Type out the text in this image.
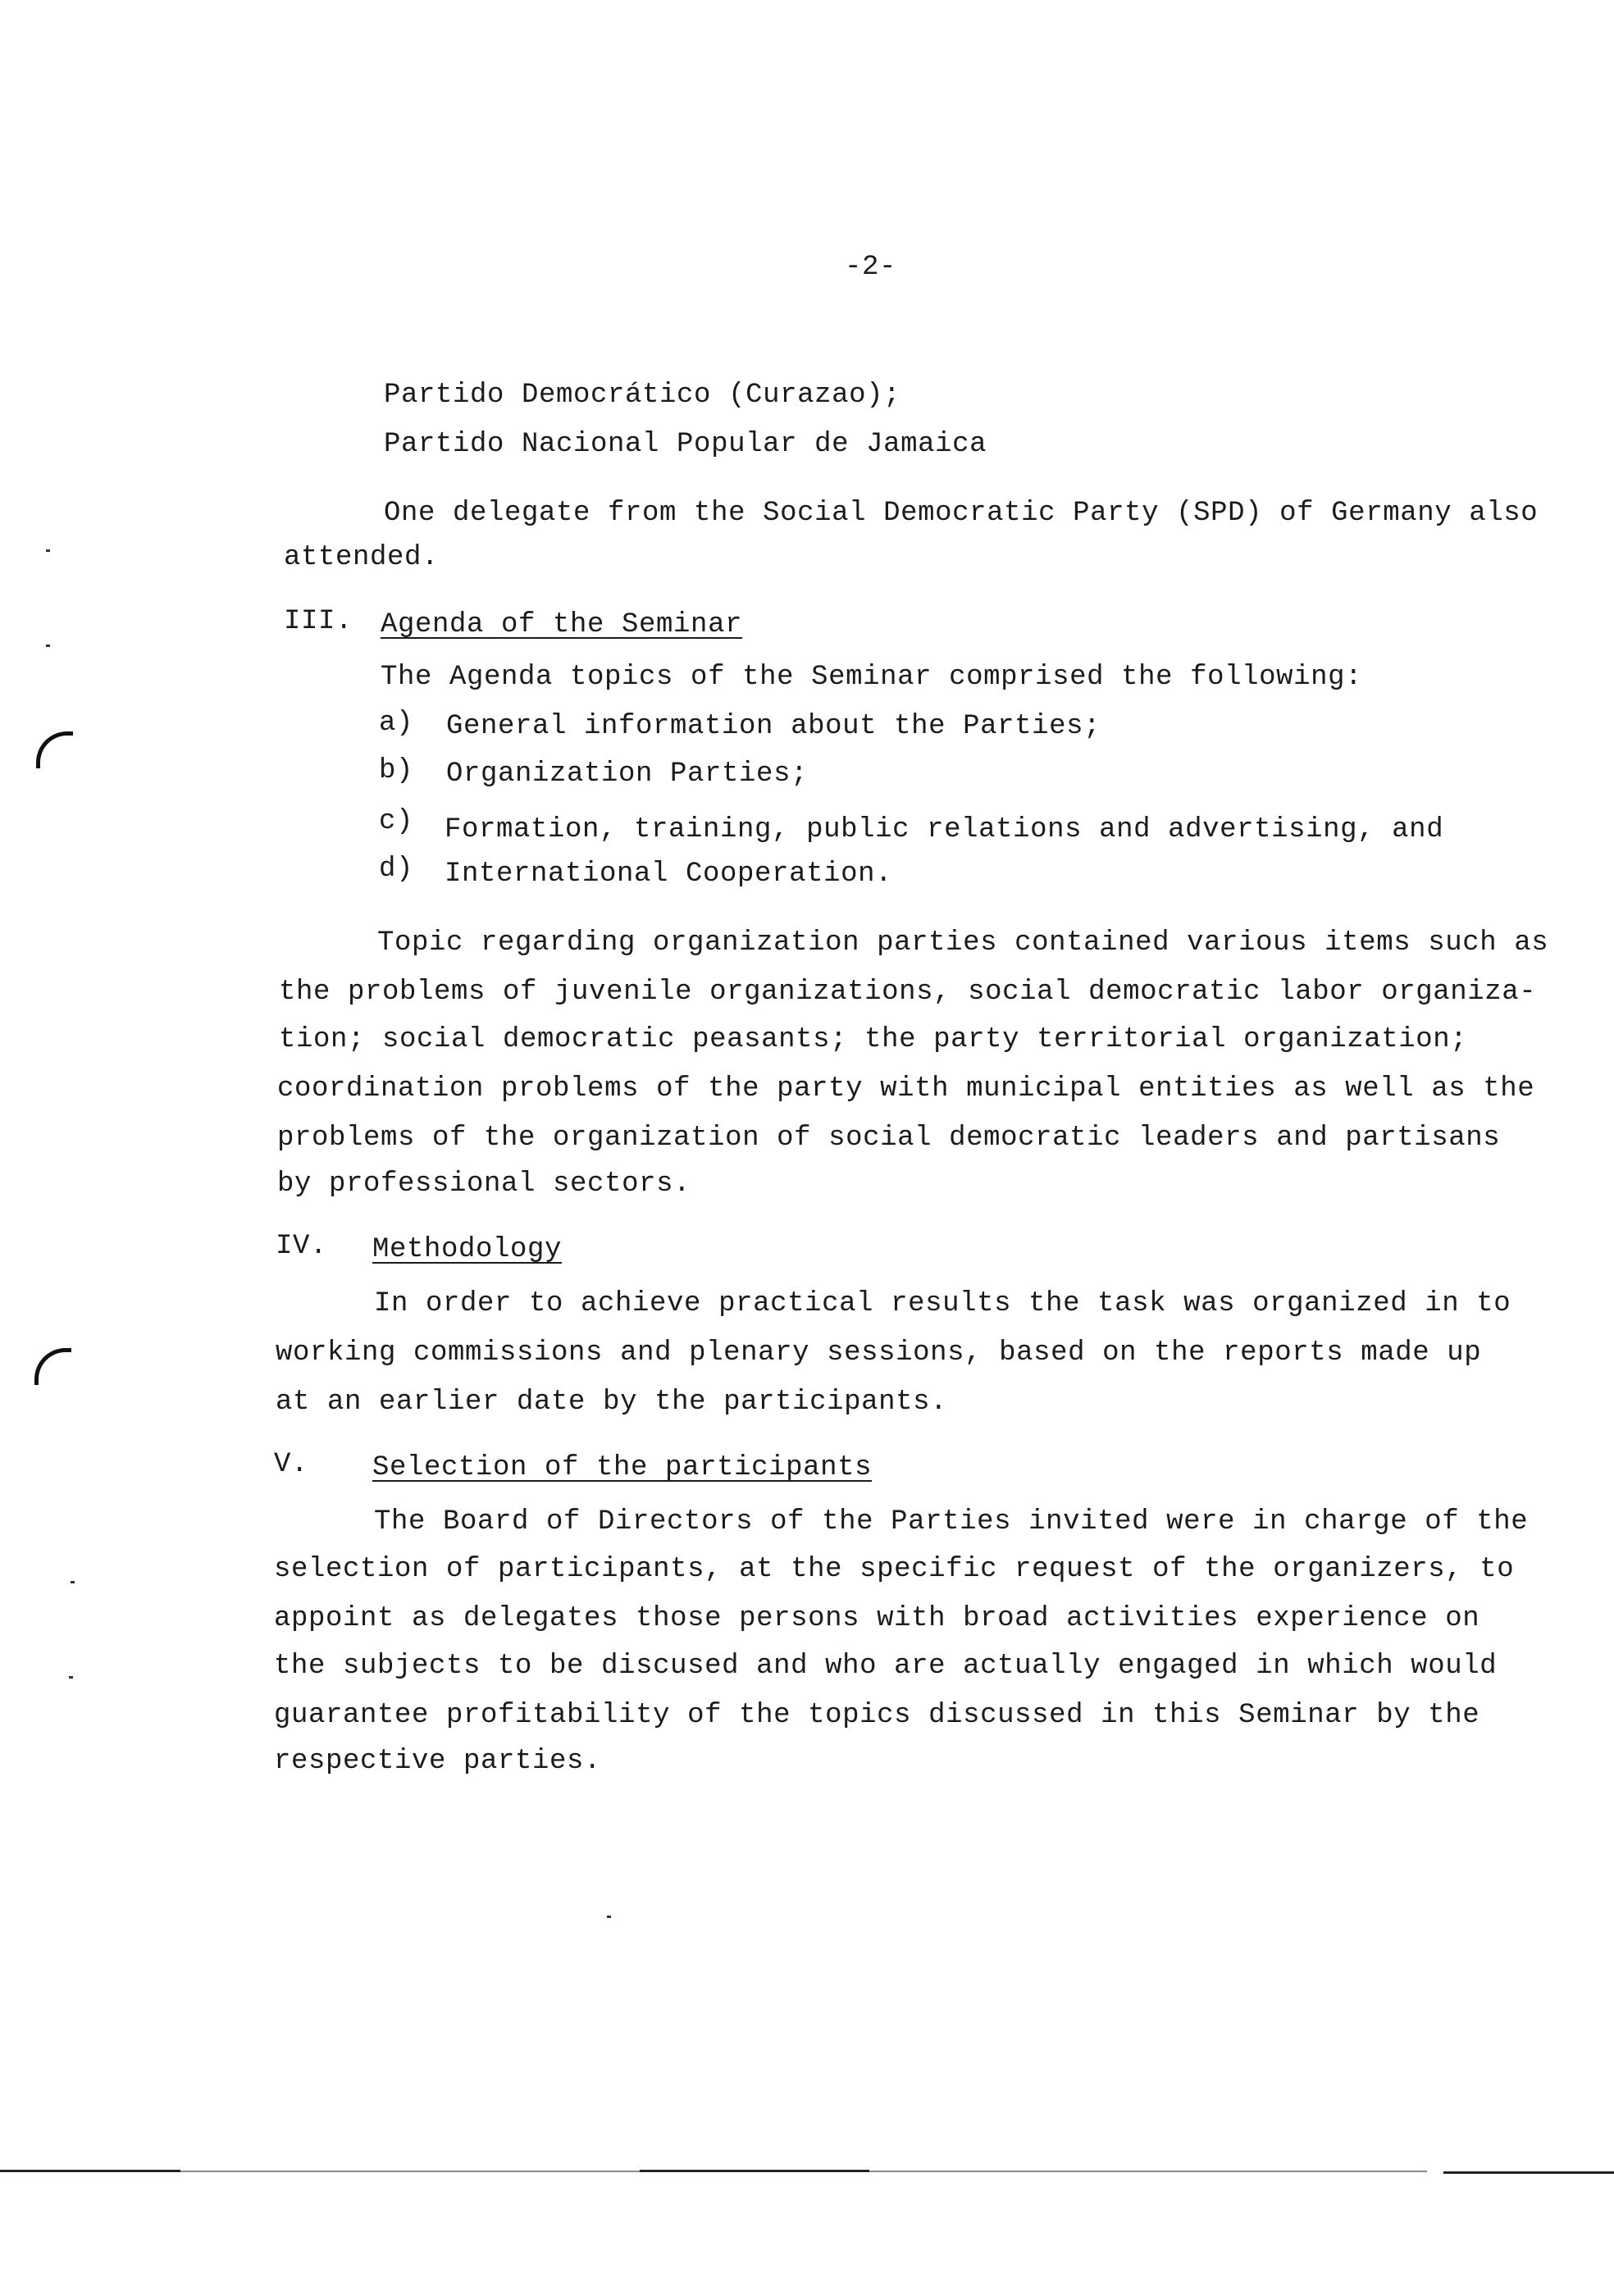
-2-
Partido Democrático (Curazao);
Partido Nacional Popular de Jamaica
One delegate from the Social Democratic Party (SPD) of Germany also
attended.
III. Agenda of the Seminar
The Agenda topics of the Seminar comprised the following:
a) General information about the Parties;
b) Organization Parties;
c) Formation, training, public relations and advertising, and
d) International Cooperation.
Topic regarding organization parties contained various items such as
the problems of juvenile organizations, social democratic labor organiza-
tion; social democratic peasants; the party territorial organization;
coordination problems of the party with municipal entities as well as the
problems of the organization of social democratic leaders and partisans
by professional sectors.
IV. Methodology
In order to achieve practical results the task was organized in to
working commissions and plenary sessions, based on the reports made up
at an earlier date by the participants.
V. Selection of the participants
The Board of Directors of the Parties invited were in charge of the
selection of participants, at the specific request of the organizers, to
appoint as delegates those persons with broad activities experience on
the subjects to be discused and who are actually engaged in which would
guarantee profitability of the topics discussed in this Seminar by the
respective parties.
